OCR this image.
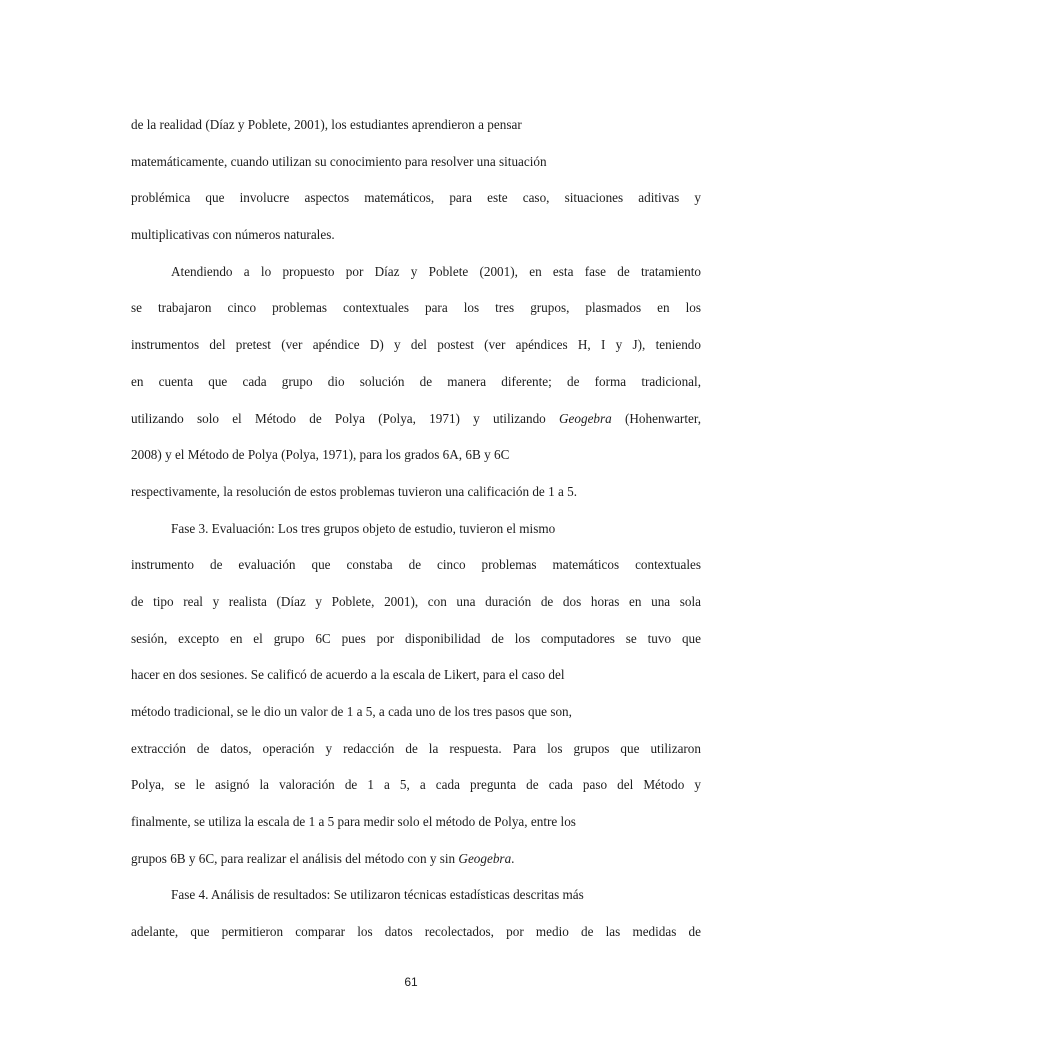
de la realidad (Díaz y Poblete, 2001), los estudiantes aprendieron a pensar
matemáticamente, cuando utilizan su conocimiento para resolver una situación
problémica que involucre aspectos matemáticos, para este caso, situaciones aditivas y
multiplicativas con números naturales.
Atendiendo a lo propuesto por Díaz y Poblete (2001), en esta fase de tratamiento
se trabajaron cinco problemas contextuales para los tres grupos, plasmados en los
instrumentos del pretest (ver apéndice D) y del postest (ver apéndices H, I y J), teniendo
en cuenta que cada grupo dio solución de manera diferente; de forma tradicional,
utilizando solo el Método de Polya (Polya, 1971) y utilizando Geogebra (Hohenwarter,
2008) y el Método de Polya (Polya, 1971), para los grados 6A, 6B y 6C
respectivamente, la resolución de estos problemas tuvieron una calificación de 1 a 5.
Fase 3. Evaluación: Los tres grupos objeto de estudio, tuvieron el mismo
instrumento de evaluación que constaba de cinco problemas matemáticos contextuales
de tipo real y realista (Díaz y Poblete, 2001), con una duración de dos horas en una sola
sesión, excepto en el grupo 6C pues por disponibilidad de los computadores se tuvo que
hacer en dos sesiones. Se calificó de acuerdo a la escala de Likert, para el caso del
método tradicional, se le dio un valor de 1 a 5, a cada uno de los tres pasos que son,
extracción de datos, operación y redacción de la respuesta. Para los grupos que utilizaron
Polya, se le asignó la valoración de 1 a 5, a cada pregunta de cada paso del Método y
finalmente, se utiliza la escala de 1 a 5 para medir solo el método de Polya, entre los
grupos 6B y 6C, para realizar el análisis del método con y sin Geogebra.
Fase 4. Análisis de resultados: Se utilizaron técnicas estadísticas descritas más
adelante, que permitieron comparar los datos recolectados, por medio de las medidas de
61
